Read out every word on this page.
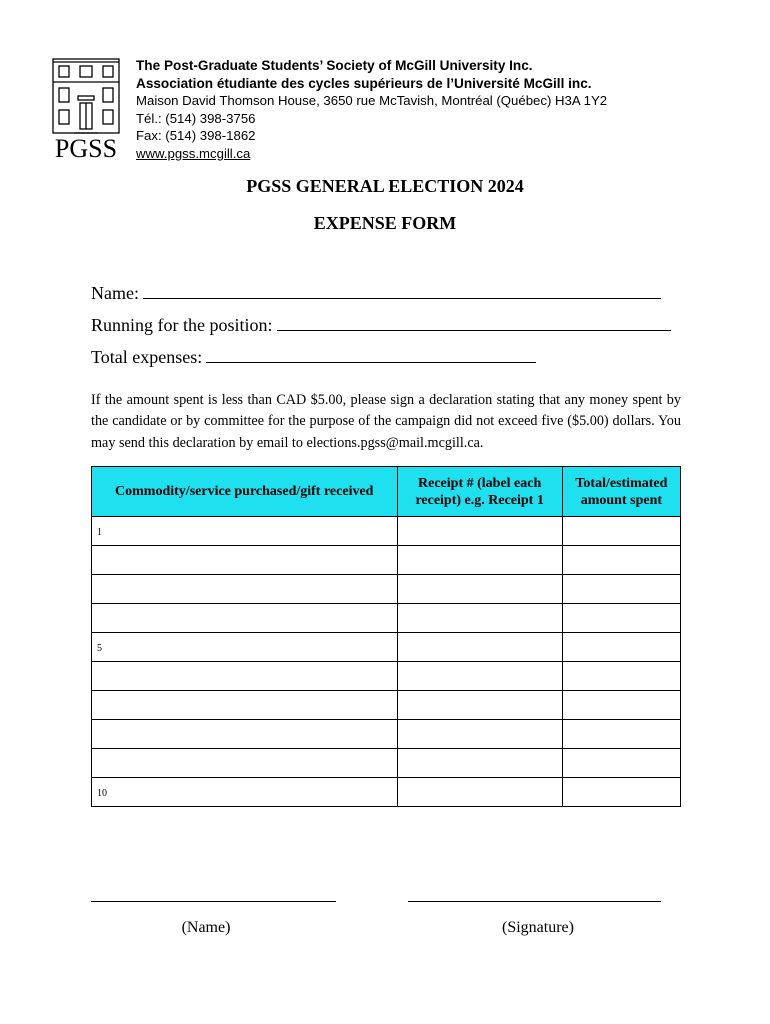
PGSS
The Post-Graduate Students’ Society of McGill University Inc.
Association étudiante des cycles supérieurs de l’Université McGill inc.
Maison David Thomson House, 3650 rue McTavish, Montréal (Québec) H3A 1Y2
Tél.: (514) 398-3756
Fax: (514) 398-1862
www.pgss.mcgill.ca
PGSS GENERAL ELECTION 2024
EXPENSE FORM
Name:
Running for the position:
Total expenses:
If the amount spent is less than CAD $5.00, please sign a declaration stating that any money spent by the candidate or by committee for the purpose of the campaign did not exceed five ($5.00) dollars. You may send this declaration by email to elections.pgss@mail.mcgill.ca.
Commodity/service purchased/gift received	Receipt # (label each receipt) e.g. Receipt 1	Total/estimated amount spent
1		

5		

10		
(Name)	(Signature)
